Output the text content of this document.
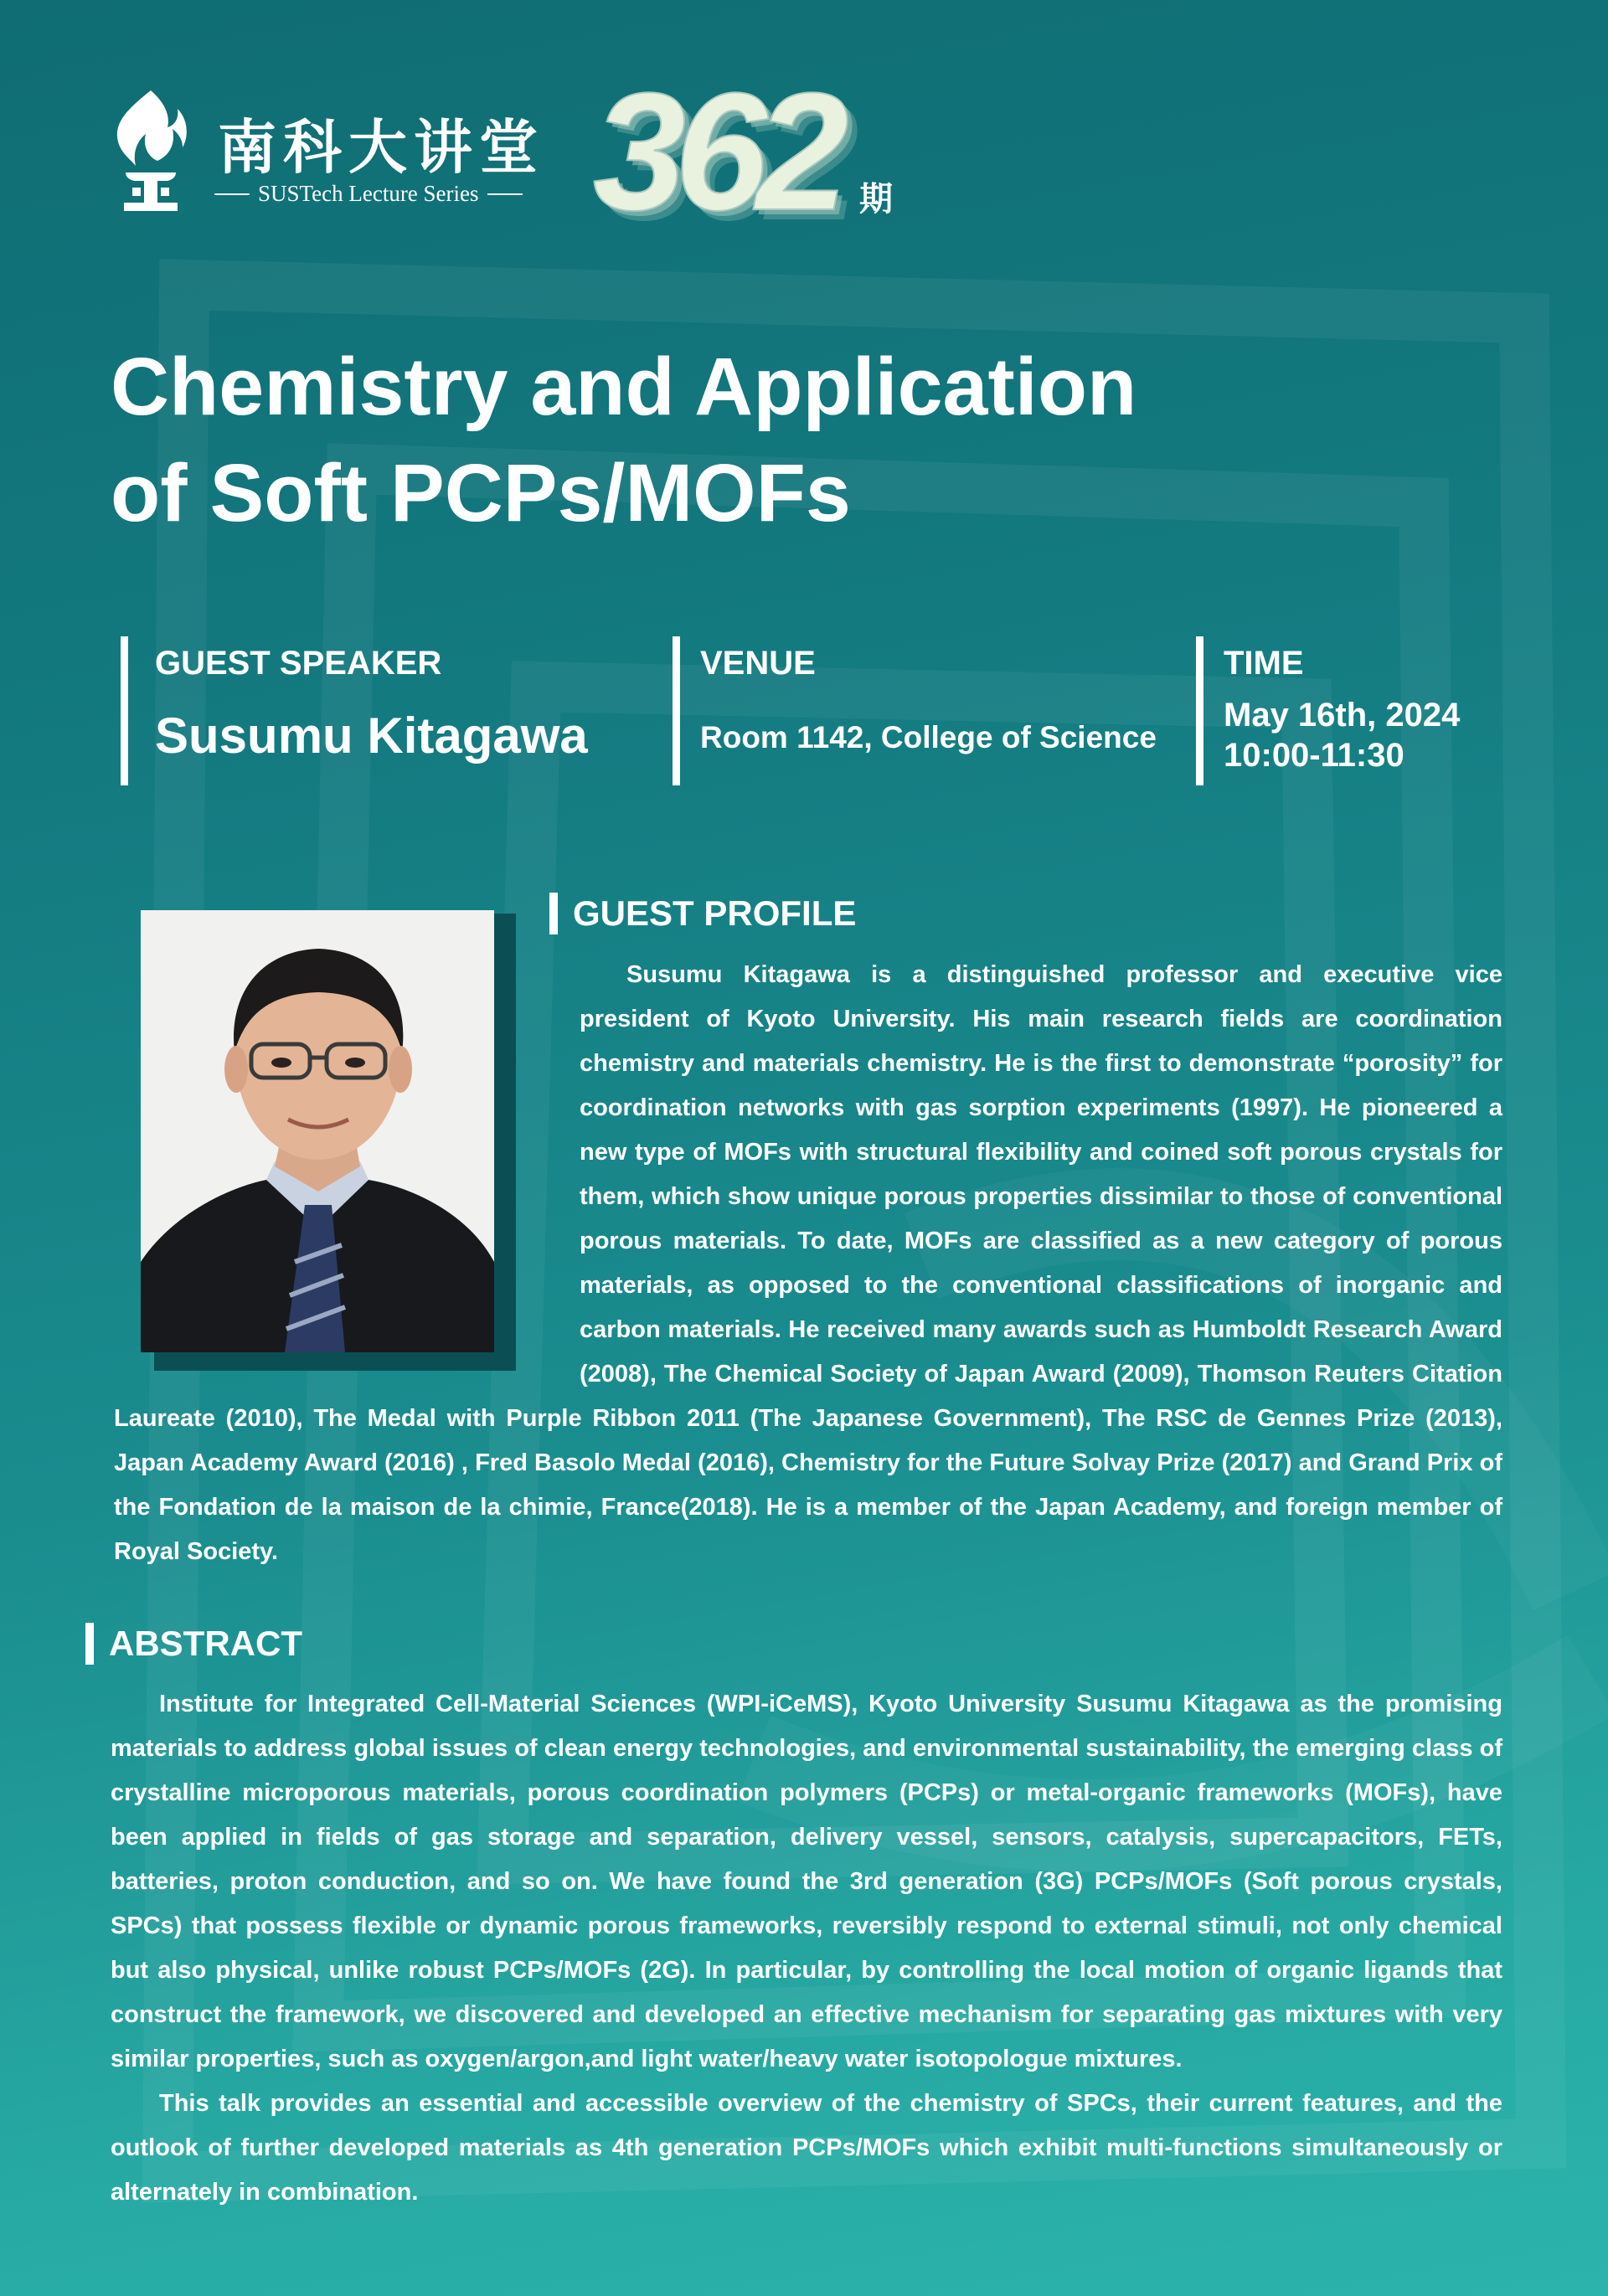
南科大讲堂
SUSTech Lecture Series 362 期
Chemistry and Application
of Soft PCPs/MOFs
GUEST SPEAKER
Susumu Kitagawa
VENUE
Room 1142, College of Science
TIME
May 16th, 2024
10:00-11:30
GUEST PROFILE

Susumu Kitagawa is a distinguished professor and executive vice president of Kyoto University. His main research fields are coordination chemistry and materials chemistry. He is the first to demonstrate “porosity” for coordination networks with gas sorption experiments (1997). He pioneered a new type of MOFs with structural flexibility and coined soft porous crystals for them, which show unique porous properties dissimilar to those of conventional porous materials. To date, MOFs are classified as a new category of porous materials, as opposed to the conventional classifications of inorganic and carbon materials. He received many awards such as Humboldt Research Award (2008), The Chemical Society of Japan Award (2009), Thomson Reuters Citation Laureate (2010), The Medal with Purple Ribbon 2011 (The Japanese Government), The RSC de Gennes Prize (2013), Japan Academy Award (2016) , Fred Basolo Medal (2016), Chemistry for the Future Solvay Prize (2017) and Grand Prix of the Fondation de la maison de la chimie, France(2018). He is a member of the Japan Academy, and foreign member of Royal Society.

ABSTRACT

Institute for Integrated Cell-Material Sciences (WPI-iCeMS), Kyoto University Susumu Kitagawa as the promising materials to address global issues of clean energy technologies, and environmental sustainability, the emerging class of crystalline microporous materials, porous coordination polymers (PCPs) or metal-organic frameworks (MOFs), have been applied in fields of gas storage and separation, delivery vessel, sensors, catalysis, supercapacitors, FETs, batteries, proton conduction, and so on. We have found the 3rd generation (3G) PCPs/MOFs (Soft porous crystals, SPCs) that possess flexible or dynamic porous frameworks, reversibly respond to external stimuli, not only chemical but also physical, unlike robust PCPs/MOFs (2G). In particular, by controlling the local motion of organic ligands that construct the framework, we discovered and developed an effective mechanism for separating gas mixtures with very similar properties, such as oxygen/argon,and light water/heavy water isotopologue mixtures.

This talk provides an essential and accessible overview of the chemistry of SPCs, their current features, and the outlook of further developed materials as 4th generation PCPs/MOFs which exhibit multi-functions simultaneously or alternately in combination.
